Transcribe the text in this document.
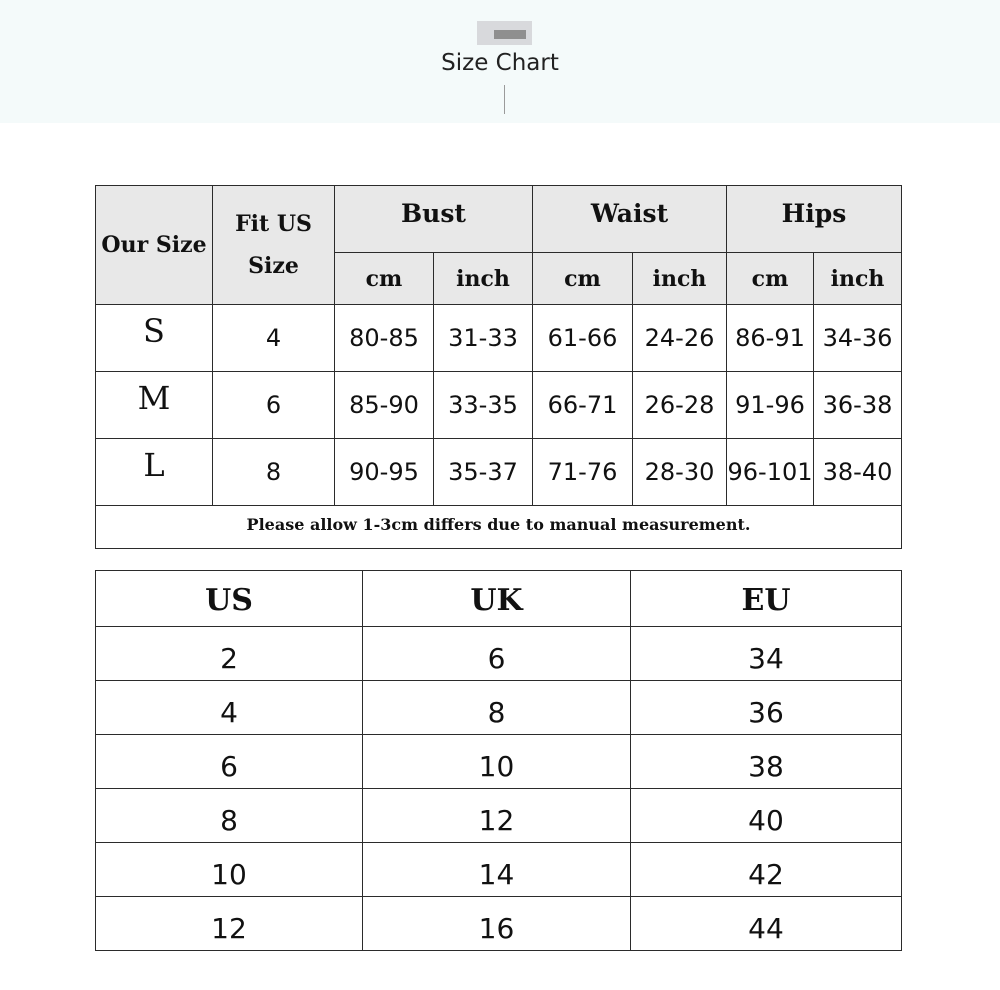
Size Chart
Our Size	Fit US Size	Bust		Waist		Hips	
		cm	inch	cm	inch	cm	inch
S	4	80-85	31-33	61-66	24-26	86-91	34-36
M	6	85-90	33-35	66-71	26-28	91-96	36-38
L	8	90-95	35-37	71-76	28-30	96-101	38-40
Please allow 1-3cm differs due to manual measurement.							
US	UK	EU
2	6	34
4	8	36
6	10	38
8	12	40
10	14	42
12	16	44
